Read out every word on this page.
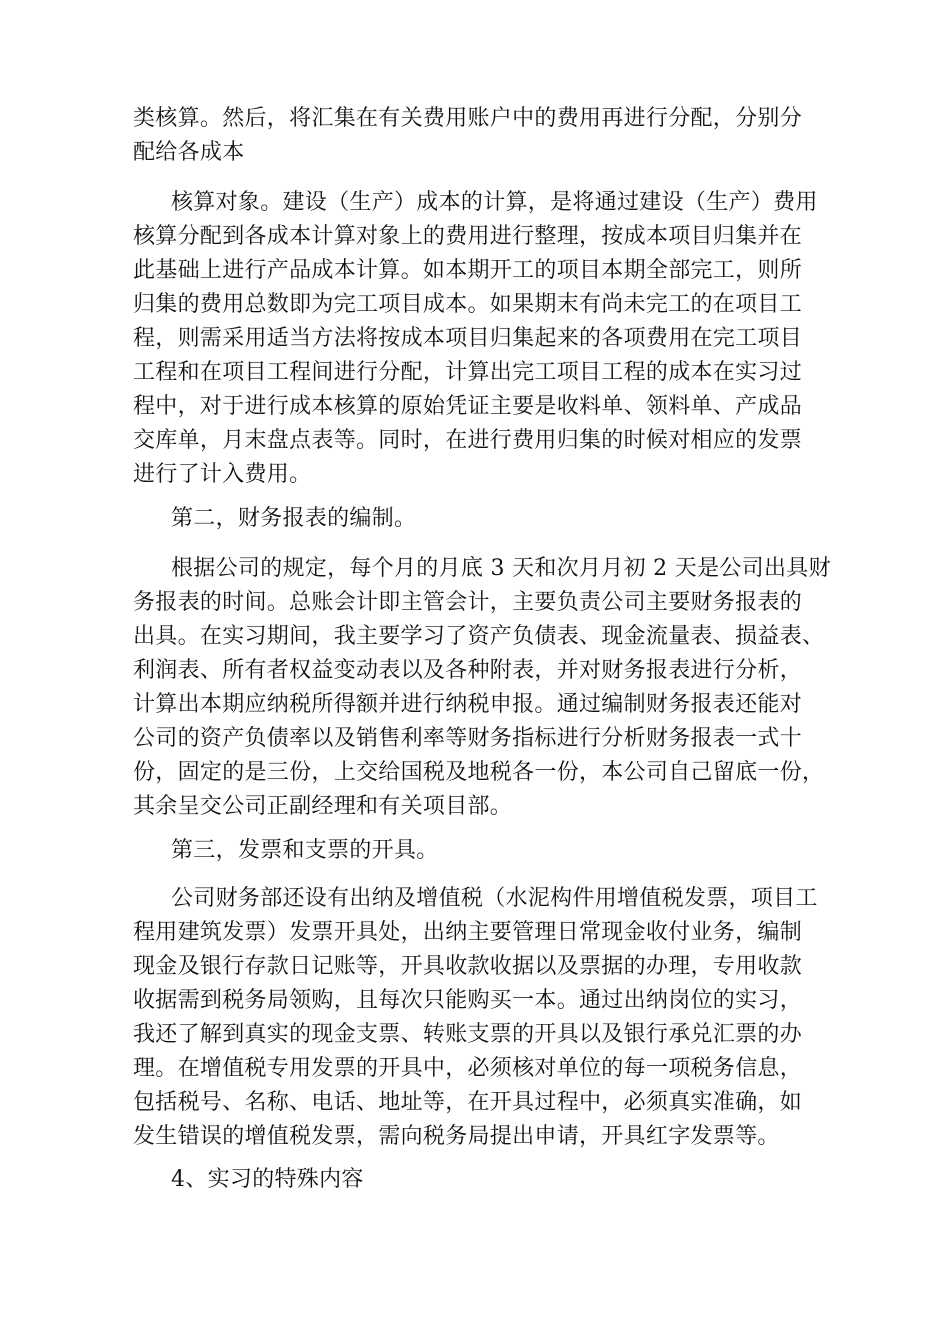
类核算。然后，将汇集在有关费用账户中的费用再进行分配，分别分
配给各成本
核算对象。建设（生产）成本的计算，是将通过建设（生产）费用
核算分配到各成本计算对象上的费用进行整理，按成本项目归集并在
此基础上进行产品成本计算。如本期开工的项目本期全部完工，则所
归集的费用总数即为完工项目成本。如果期末有尚未完工的在项目工
程，则需采用适当方法将按成本项目归集起来的各项费用在完工项目
工程和在项目工程间进行分配，计算出完工项目工程的成本在实习过
程中，对于进行成本核算的原始凭证主要是收料单、领料单、产成品
交库单，月末盘点表等。同时，在进行费用归集的时候对相应的发票
进行了计入费用。
第二，财务报表的编制。
根据公司的规定，每个月的月底 3 天和次月月初 2 天是公司出具财
务报表的时间。总账会计即主管会计，主要负责公司主要财务报表的
出具。在实习期间，我主要学习了资产负债表、现金流量表、损益表、
利润表、所有者权益变动表以及各种附表，并对财务报表进行分析，
计算出本期应纳税所得额并进行纳税申报。通过编制财务报表还能对
公司的资产负债率以及销售利率等财务指标进行分析财务报表一式十
份，固定的是三份，上交给国税及地税各一份，本公司自己留底一份，
其余呈交公司正副经理和有关项目部。
第三，发票和支票的开具。
公司财务部还设有出纳及增值税（水泥构件用增值税发票，项目工
程用建筑发票）发票开具处，出纳主要管理日常现金收付业务，编制
现金及银行存款日记账等，开具收款收据以及票据的办理，专用收款
收据需到税务局领购，且每次只能购买一本。通过出纳岗位的实习，
我还了解到真实的现金支票、转账支票的开具以及银行承兑汇票的办
理。在增值税专用发票的开具中，必须核对单位的每一项税务信息，
包括税号、名称、电话、地址等，在开具过程中，必须真实准确，如
发生错误的增值税发票，需向税务局提出申请，开具红字发票等。
4、实习的特殊内容
